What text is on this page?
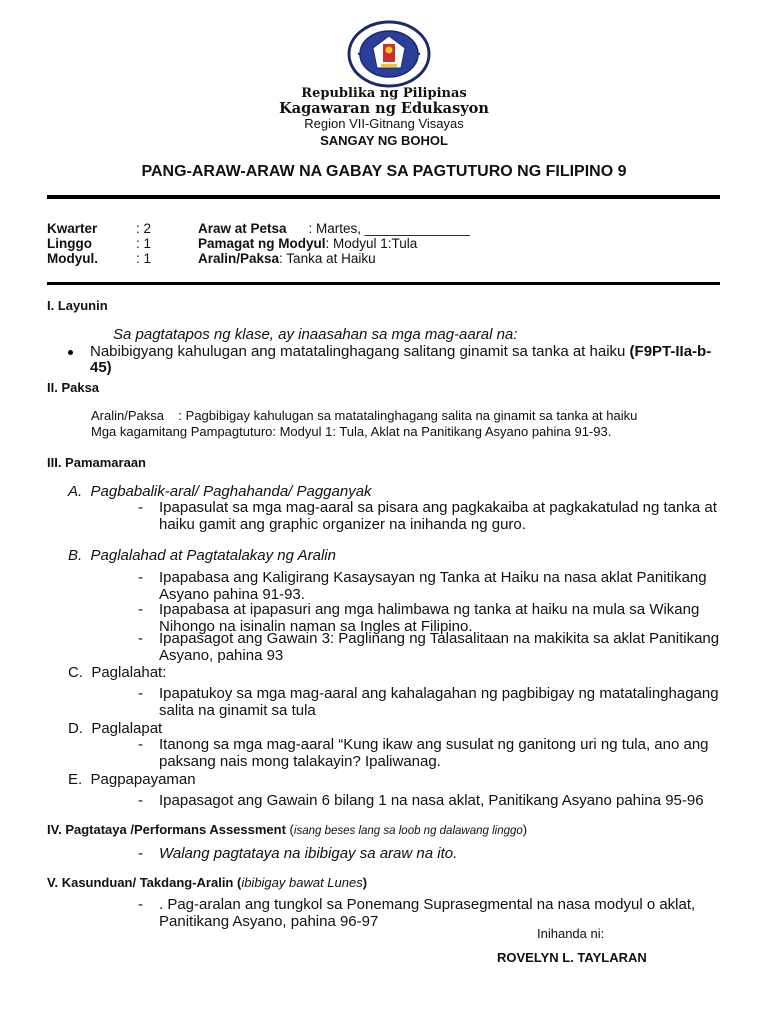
Republika ng Pilipinas
Kagawaran ng Edukasyon
Region VII-Gitnang Visayas
SANGAY NG BOHOL
PANG-ARAW-ARAW NA GABAY SA PAGTUTURO NG FILIPINO 9
Kwarter	: 2	Araw at Petsa : Martes, ______________
Linggo	: 1	Pamagat ng Modyul: Modyul 1:Tula
Modyul.	: 1	Aralin/Paksa: Tanka at Haiku
I. Layunin
Sa pagtatapos ng klase, ay inaasahan sa mga mag-aaral na:
Nabibigyang kahulugan ang matatalinghagang salitang ginamit sa tanka at haiku (F9PT-IIa-b-
45)
II. Paksa
Aralin/Paksa    : Pagbibigay kahulugan sa matatalinghagang salita na ginamit sa tanka at haiku
Mga kagamitang Pampagtuturo: Modyul 1: Tula, Aklat na Panitikang Asyano pahina 91-93.
III. Pamamaraan
A.  Pagbabalik-aral/ Paghahanda/ Pagganyak
- Ipapasulat sa mga mag-aaral sa pisara ang pagkakaiba at pagkakatulad ng tanka at
haiku gamit ang graphic organizer na inihanda ng guro.
B.  Paglalahad at Pagtatalakay ng Aralin
- Ipapabasa ang Kaligirang Kasaysayan ng Tanka at Haiku na nasa aklat Panitikang
Asyano pahina 91-93.
- Ipapabasa at ipapasuri ang mga halimbawa ng tanka at haiku na mula sa Wikang
Nihongo na isinalin naman sa Ingles at Filipino.
- Ipapasagot ang Gawain 3: Paglinang ng Talasalitaan na makikita sa aklat Panitikang
Asyano, pahina 93
C.  Paglalahat:
- Ipapatukoy sa mga mag-aaral ang kahalagahan ng pagbibigay ng matatalinghagang
salita na ginamit sa tula
D.  Paglalapat
- Itanong sa mga mag-aaral “Kung ikaw ang susulat ng ganitong uri ng tula, ano ang
paksang nais mong talakayin? Ipaliwanag.
E.  Pagpapayaman
- Ipapasagot ang Gawain 6 bilang 1 na nasa aklat, Panitikang Asyano pahina 95-96
IV. Pagtataya /Performans Assessment (isang beses lang sa loob ng dalawang linggo)
- Walang pagtataya na ibibigay sa araw na ito.
V. Kasunduan/ Takdang-Aralin (ibibigay bawat Lunes)
- . Pag-aralan ang tungkol sa Ponemang Suprasegmental na nasa modyul o aklat,
Panitikang Asyano, pahina 96-97
Inihanda ni:
ROVELYN L. TAYLARAN
